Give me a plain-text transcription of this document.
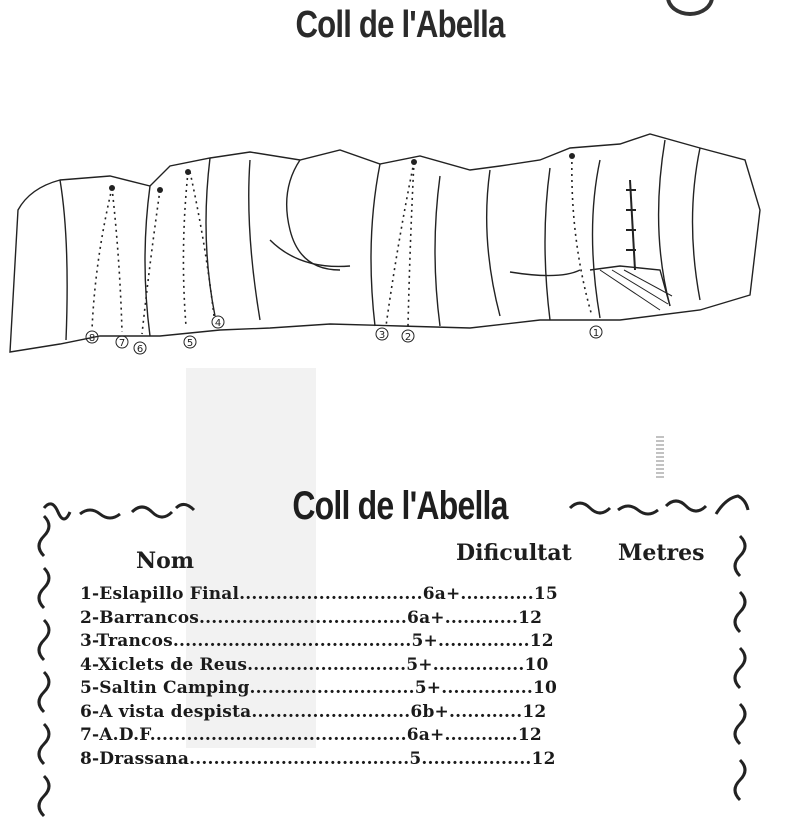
Coll de l'Abella
8 7
6
5
4
3 2	1
Coll de l'Abella
Nom	Dificultat Metres
1-Eslapillo Final..............................6a+............15
2-Barrancos..................................6a+............12
3-Trancos.......................................5+...............12
4-Xiclets de Reus..........................5+...............10
5-Saltin Camping...........................5+...............10
6-A vista despista..........................6b+............12
7-A.D.F..........................................6a+............12
8-Drassana....................................5..................12
